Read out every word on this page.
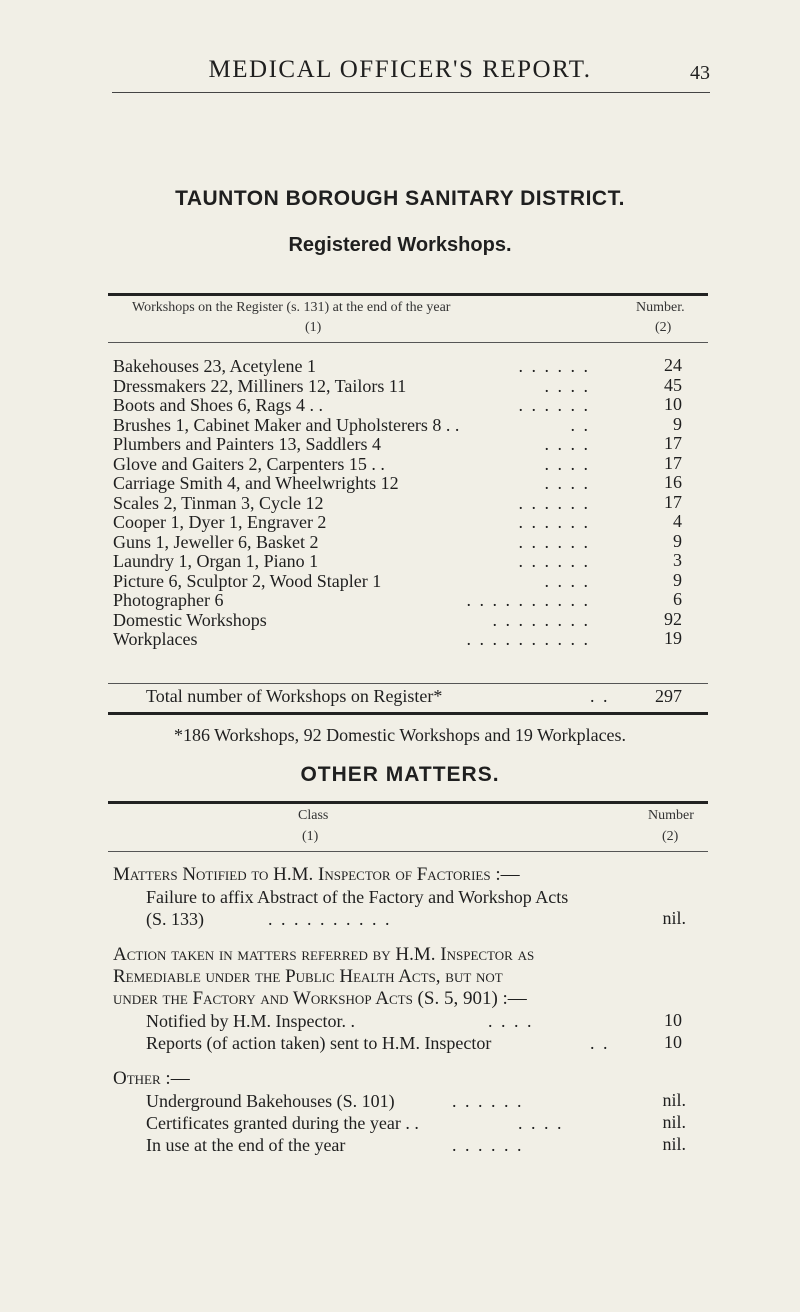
MEDICAL OFFICER'S REPORT.	43
TAUNTON BOROUGH SANITARY DISTRICT.
Registered Workshops.
Workshops on the Register (s. 131) at the end of the year	Number.
(1)	(2)
Bakehouses 23, Acetylene 1	. . . . . .	24
Dressmakers 22, Milliners 12, Tailors 11	. . . .	45
Boots and Shoes 6, Rags 4 . .	. . . . . .	10
Brushes 1, Cabinet Maker and Upholsterers 8 . .	. .	9
Plumbers and Painters 13, Saddlers 4	. . . .	17
Glove and Gaiters 2, Carpenters 15 . .	. . . .	17
Carriage Smith 4, and Wheelwrights 12	. . . .	16
Scales 2, Tinman 3, Cycle 12	. . . . . .	17
Cooper 1, Dyer 1, Engraver 2	. . . . . .	4
Guns 1, Jeweller 6, Basket 2	. . . . . .	9
Laundry 1, Organ 1, Piano 1	. . . . . .	3
Picture 6, Sculptor 2, Wood Stapler 1	. . . .	9
Photographer 6	. . . . . . . . . .	6
Domestic Workshops	. . . . . . . .	92
Workplaces	. . . . . . . . . .	19
Total number of Workshops on Register*	. .	297
*186 Workshops, 92 Domestic Workshops and 19 Workplaces.
OTHER MATTERS.
Class	Number
(1)	(2)
Matters Notified to H.M. Inspector of Factories :—
Failure to affix Abstract of the Factory and Workshop Acts
(S. 133)	. . . . . . . . . .	nil.
Action taken in matters referred by H.M. Inspector as
Remediable under the Public Health Acts, but not
under the Factory and Workshop Acts (S. 5, 901) :—
Notified by H.M. Inspector. .	. . . .	10
Reports (of action taken) sent to H.M. Inspector	. .	10
Other :—
Underground Bakehouses (S. 101)	. . . . . .	nil.
Certificates granted during the year . .	. . . .	nil.
In use at the end of the year	. . . . . .	nil.
